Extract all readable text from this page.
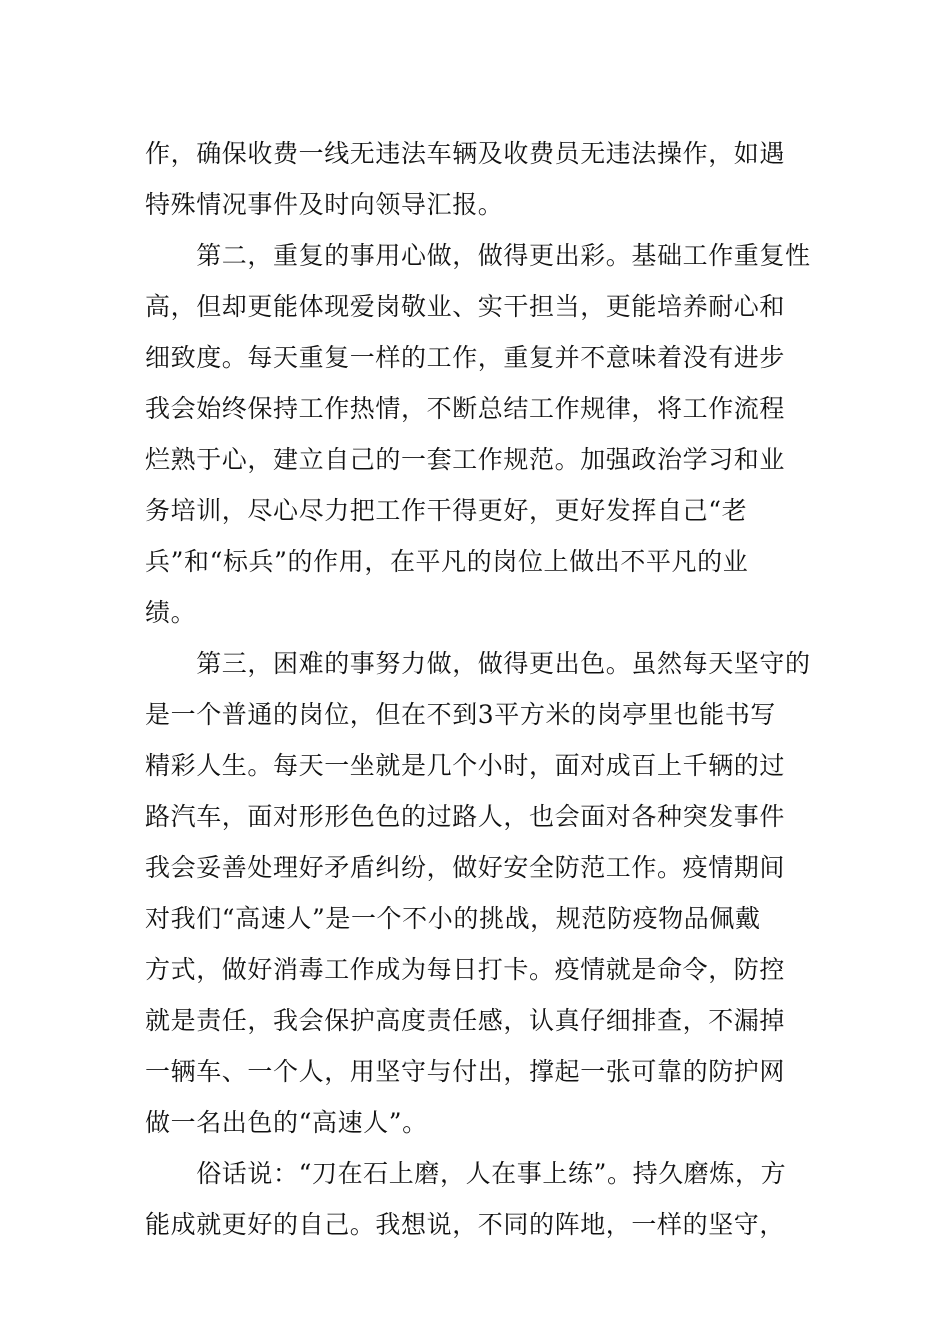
作，确保收费一线无违法车辆及收费员无违法操作，如遇
特殊情况事件及时向领导汇报。
　　第二，重复的事用心做，做得更出彩。基础工作重复性
高，但却更能体现爱岗敬业、实干担当，更能培养耐心和
细致度。每天重复一样的工作，重复并不意味着没有进步
我会始终保持工作热情，不断总结工作规律，将工作流程
烂熟于心，建立自己的一套工作规范。加强政治学习和业
务培训，尽心尽力把工作干得更好，更好发挥自己“老
兵”和“标兵”的作用，在平凡的岗位上做出不平凡的业
绩。
　　第三，困难的事努力做，做得更出色。虽然每天坚守的
是一个普通的岗位，但在不到3平方米的岗亭里也能书写
精彩人生。每天一坐就是几个小时，面对成百上千辆的过
路汽车，面对形形色色的过路人，也会面对各种突发事件
我会妥善处理好矛盾纠纷，做好安全防范工作。疫情期间
对我们“高速人”是一个不小的挑战，规范防疫物品佩戴
方式，做好消毒工作成为每日打卡。疫情就是命令，防控
就是责任，我会保护高度责任感，认真仔细排查，不漏掉
一辆车、一个人，用坚守与付出，撑起一张可靠的防护网
做一名出色的“高速人”。
　　俗话说：“刀在石上磨，人在事上练”。持久磨炼，方
能成就更好的自己。我想说，不同的阵地，一样的坚守，
